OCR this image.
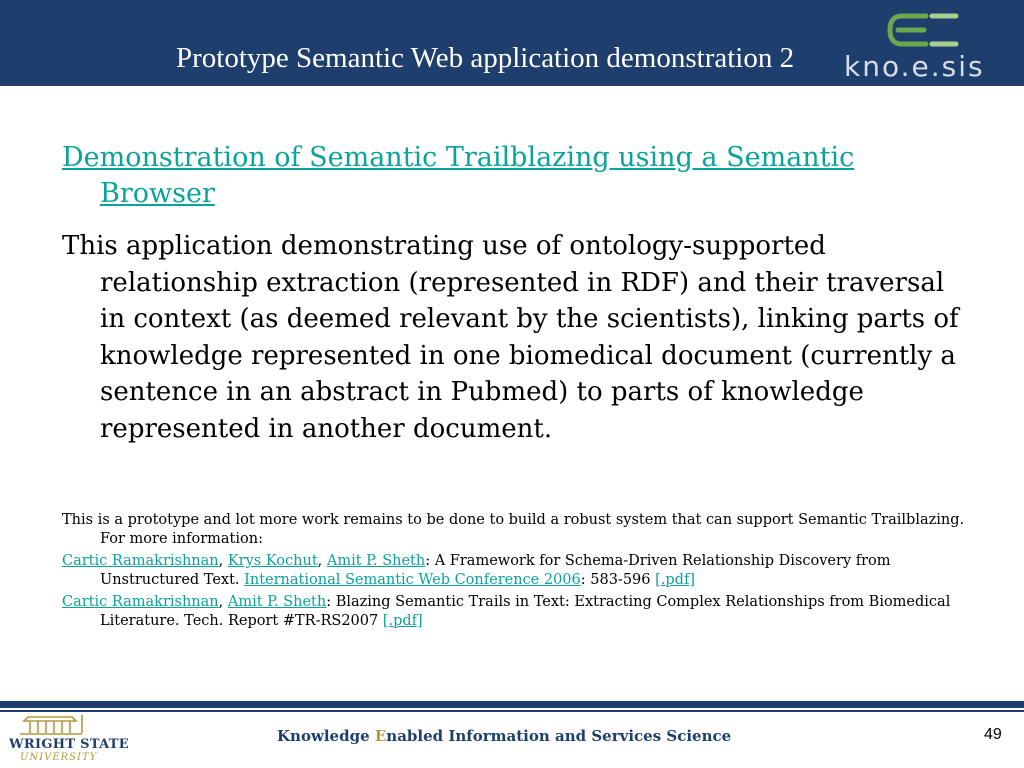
Prototype Semantic Web application demonstration 2 kno.e.sis
Demonstration of Semantic Trailblazing using a Semantic Browser
This application demonstrating use of ontology-supported relationship extraction (represented in RDF) and their traversal in context (as deemed relevant by the scientists), linking parts of knowledge represented in one biomedical document (currently a sentence in an abstract in Pubmed) to parts of knowledge represented in another document.
This is a prototype and lot more work remains to be done to build a robust system that can support Semantic Trailblazing. For more information:
Cartic Ramakrishnan, Krys Kochut, Amit P. Sheth: A Framework for Schema-Driven Relationship Discovery from Unstructured Text. International Semantic Web Conference 2006: 583-596 [.pdf]
Cartic Ramakrishnan, Amit P. Sheth: Blazing Semantic Trails in Text: Extracting Complex Relationships from Biomedical Literature. Tech. Report #TR-RS2007 [.pdf]
WRIGHT STATE
UNIVERSITY
Knowledge Enabled Information and Services Science	49
